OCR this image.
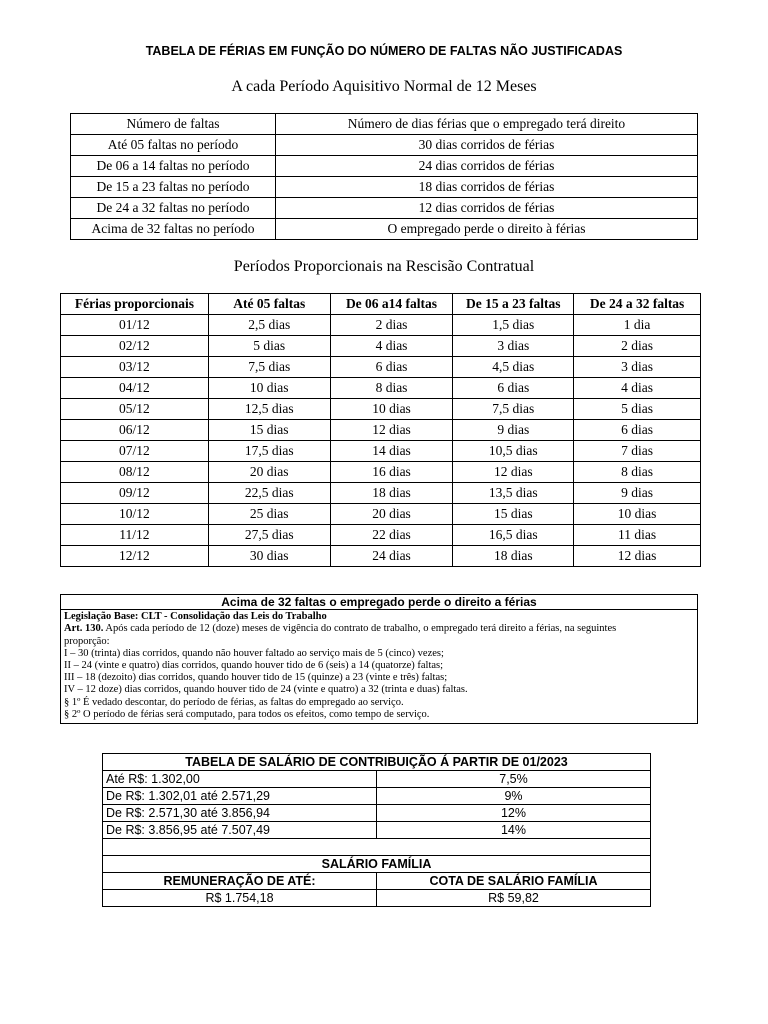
TABELA DE FÉRIAS EM FUNÇÃO DO NÚMERO DE FALTAS NÃO JUSTIFICADAS
A cada Período Aquisitivo Normal de 12 Meses
Número de faltas	Número de dias férias que o empregado terá direito
Até 05 faltas no período	30 dias corridos de férias
De 06 a 14 faltas no período	24 dias corridos de férias
De 15 a 23 faltas no período	18 dias corridos de férias
De 24 a 32 faltas no período	12 dias corridos de férias
Acima de 32 faltas no período	O empregado perde o direito à férias
Períodos Proporcionais na Rescisão Contratual
Férias proporcionais	Até 05 faltas	De 06 a14 faltas	De 15 a 23 faltas	De 24 a 32 faltas
01/12	2,5 dias	2 dias	1,5 dias	1 dia
02/12	5 dias	4 dias	3 dias	2 dias
03/12	7,5 dias	6 dias	4,5 dias	3 dias
04/12	10 dias	8 dias	6 dias	4 dias
05/12	12,5 dias	10 dias	7,5 dias	5 dias
06/12	15 dias	12 dias	9 dias	6 dias
07/12	17,5 dias	14 dias	10,5 dias	7 dias
08/12	20 dias	16 dias	12 dias	8 dias
09/12	22,5 dias	18 dias	13,5 dias	9 dias
10/12	25 dias	20 dias	15 dias	10 dias
11/12	27,5 dias	22 dias	16,5 dias	11 dias
12/12	30 dias	24 dias	18 dias	12 dias
Acima de 32 faltas o empregado perde o direito a férias
Legislação Base: CLT - Consolidação das Leis do Trabalho
Art. 130. Após cada período de 12 (doze) meses de vigência do contrato de trabalho, o empregado terá direito a férias, na seguintes
proporção:
I – 30 (trinta) dias corridos, quando não houver faltado ao serviço mais de 5 (cinco) vezes;
II – 24 (vinte e quatro) dias corridos, quando houver tido de 6 (seis) a 14 (quatorze) faltas;
III – 18 (dezoito) dias corridos, quando houver tido de 15 (quinze) a 23 (vinte e três) faltas;
IV – 12 doze) dias corridos, quando houver tido de 24 (vinte e quatro) a 32 (trinta e duas) faltas.
§ 1º É vedado descontar, do período de férias, as faltas do empregado ao serviço.
§ 2º O período de férias será computado, para todos os efeitos, como tempo de serviço.
TABELA DE SALÁRIO DE CONTRIBUIÇÃO Á PARTIR DE 01/2023	
Até R$: 1.302,00	7,5%
De R$: 1.302,01 até 2.571,29	9%
De R$: 2.571,30 até 3.856,94	12%
De R$: 3.856,95 até 7.507,49	14%

SALÁRIO FAMÍLIA	
REMUNERAÇÃO DE ATÉ:	COTA DE SALÁRIO FAMÍLIA
R$ 1.754,18	R$ 59,82
